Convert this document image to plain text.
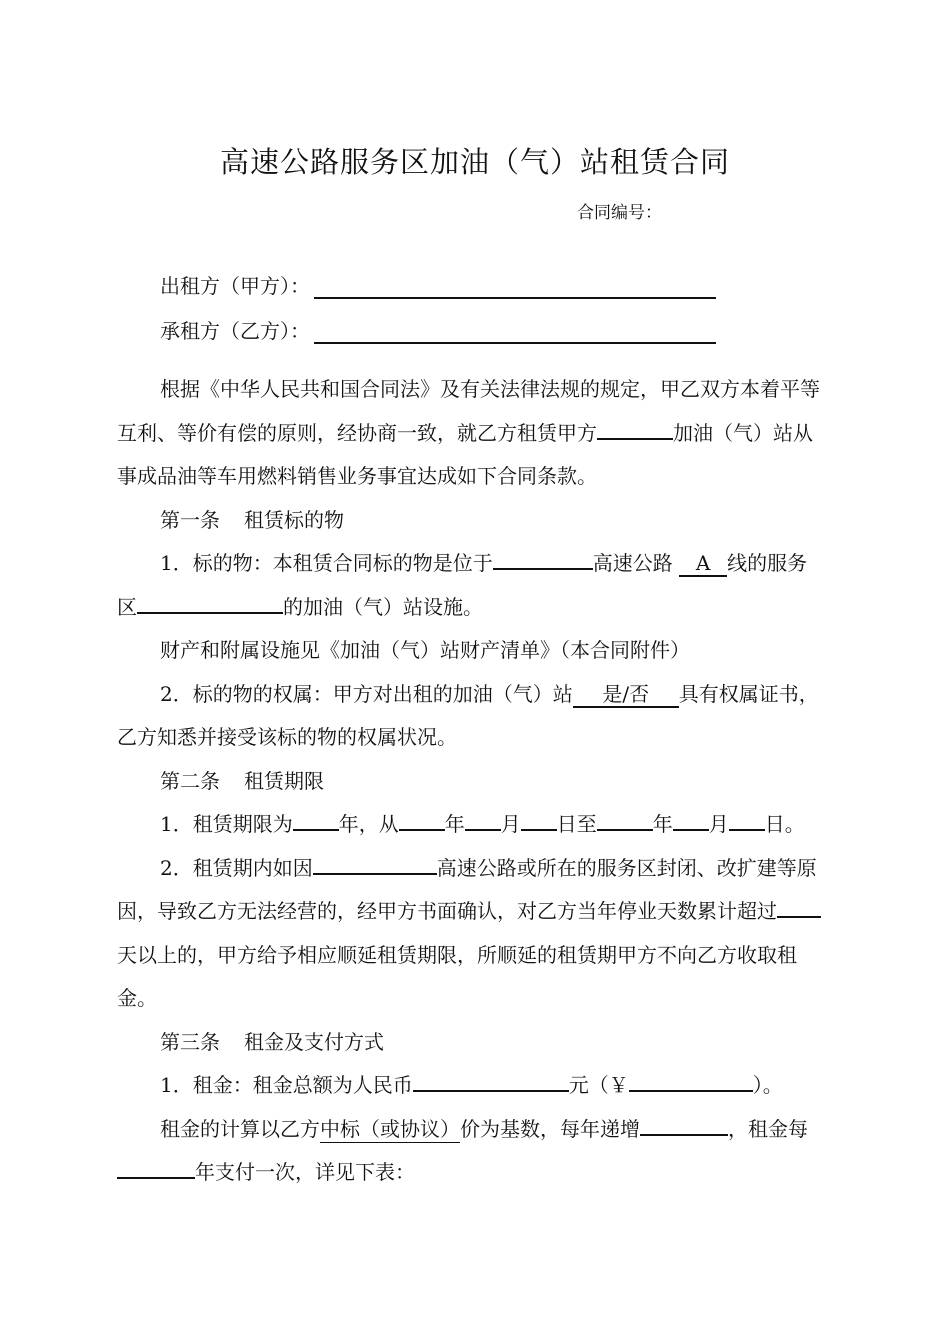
高速公路服务区加油（气）站租赁合同
合同编号：
出租方（甲方）：
承租方（乙方）：

根据《中华人民共和国合同法》及有关法律法规的规定，甲乙双方本着平等互利、等价有偿的原则，经协商一致，就乙方租赁甲方	加油（气）站从事成品油等车用燃料销售业务事宜达成如下合同条款。

第一条 租赁标的物

1．标的物：本租赁合同标的物是位于	高速公路 A 线的服务区	的加油（气）站设施。

财产和附属设施见《加油（气）站财产清单》（本合同附件）

2．标的物的权属：甲方对出租的加油（气）站 是/否 具有权属证书，乙方知悉并接受该标的物的权属状况。

第二条 租赁期限

1．租赁期限为 年，从 年 月 日至	年 月 日。

2．租赁期内如因	高速公路或所在的服务区封闭、改扩建等原因，导致乙方无法经营的，经甲方书面确认，对乙方当年停业天数累计超过天以上的，甲方给予相应顺延租赁期限，所顺延的租赁期甲方不向乙方收取租金。

第三条 租金及支付方式

1．租金：租金总额为人民币	元（￥	）。

租金的计算以乙方中标（或协议）价为基数，每年递增	，租金每年支付一次，详见下表：
